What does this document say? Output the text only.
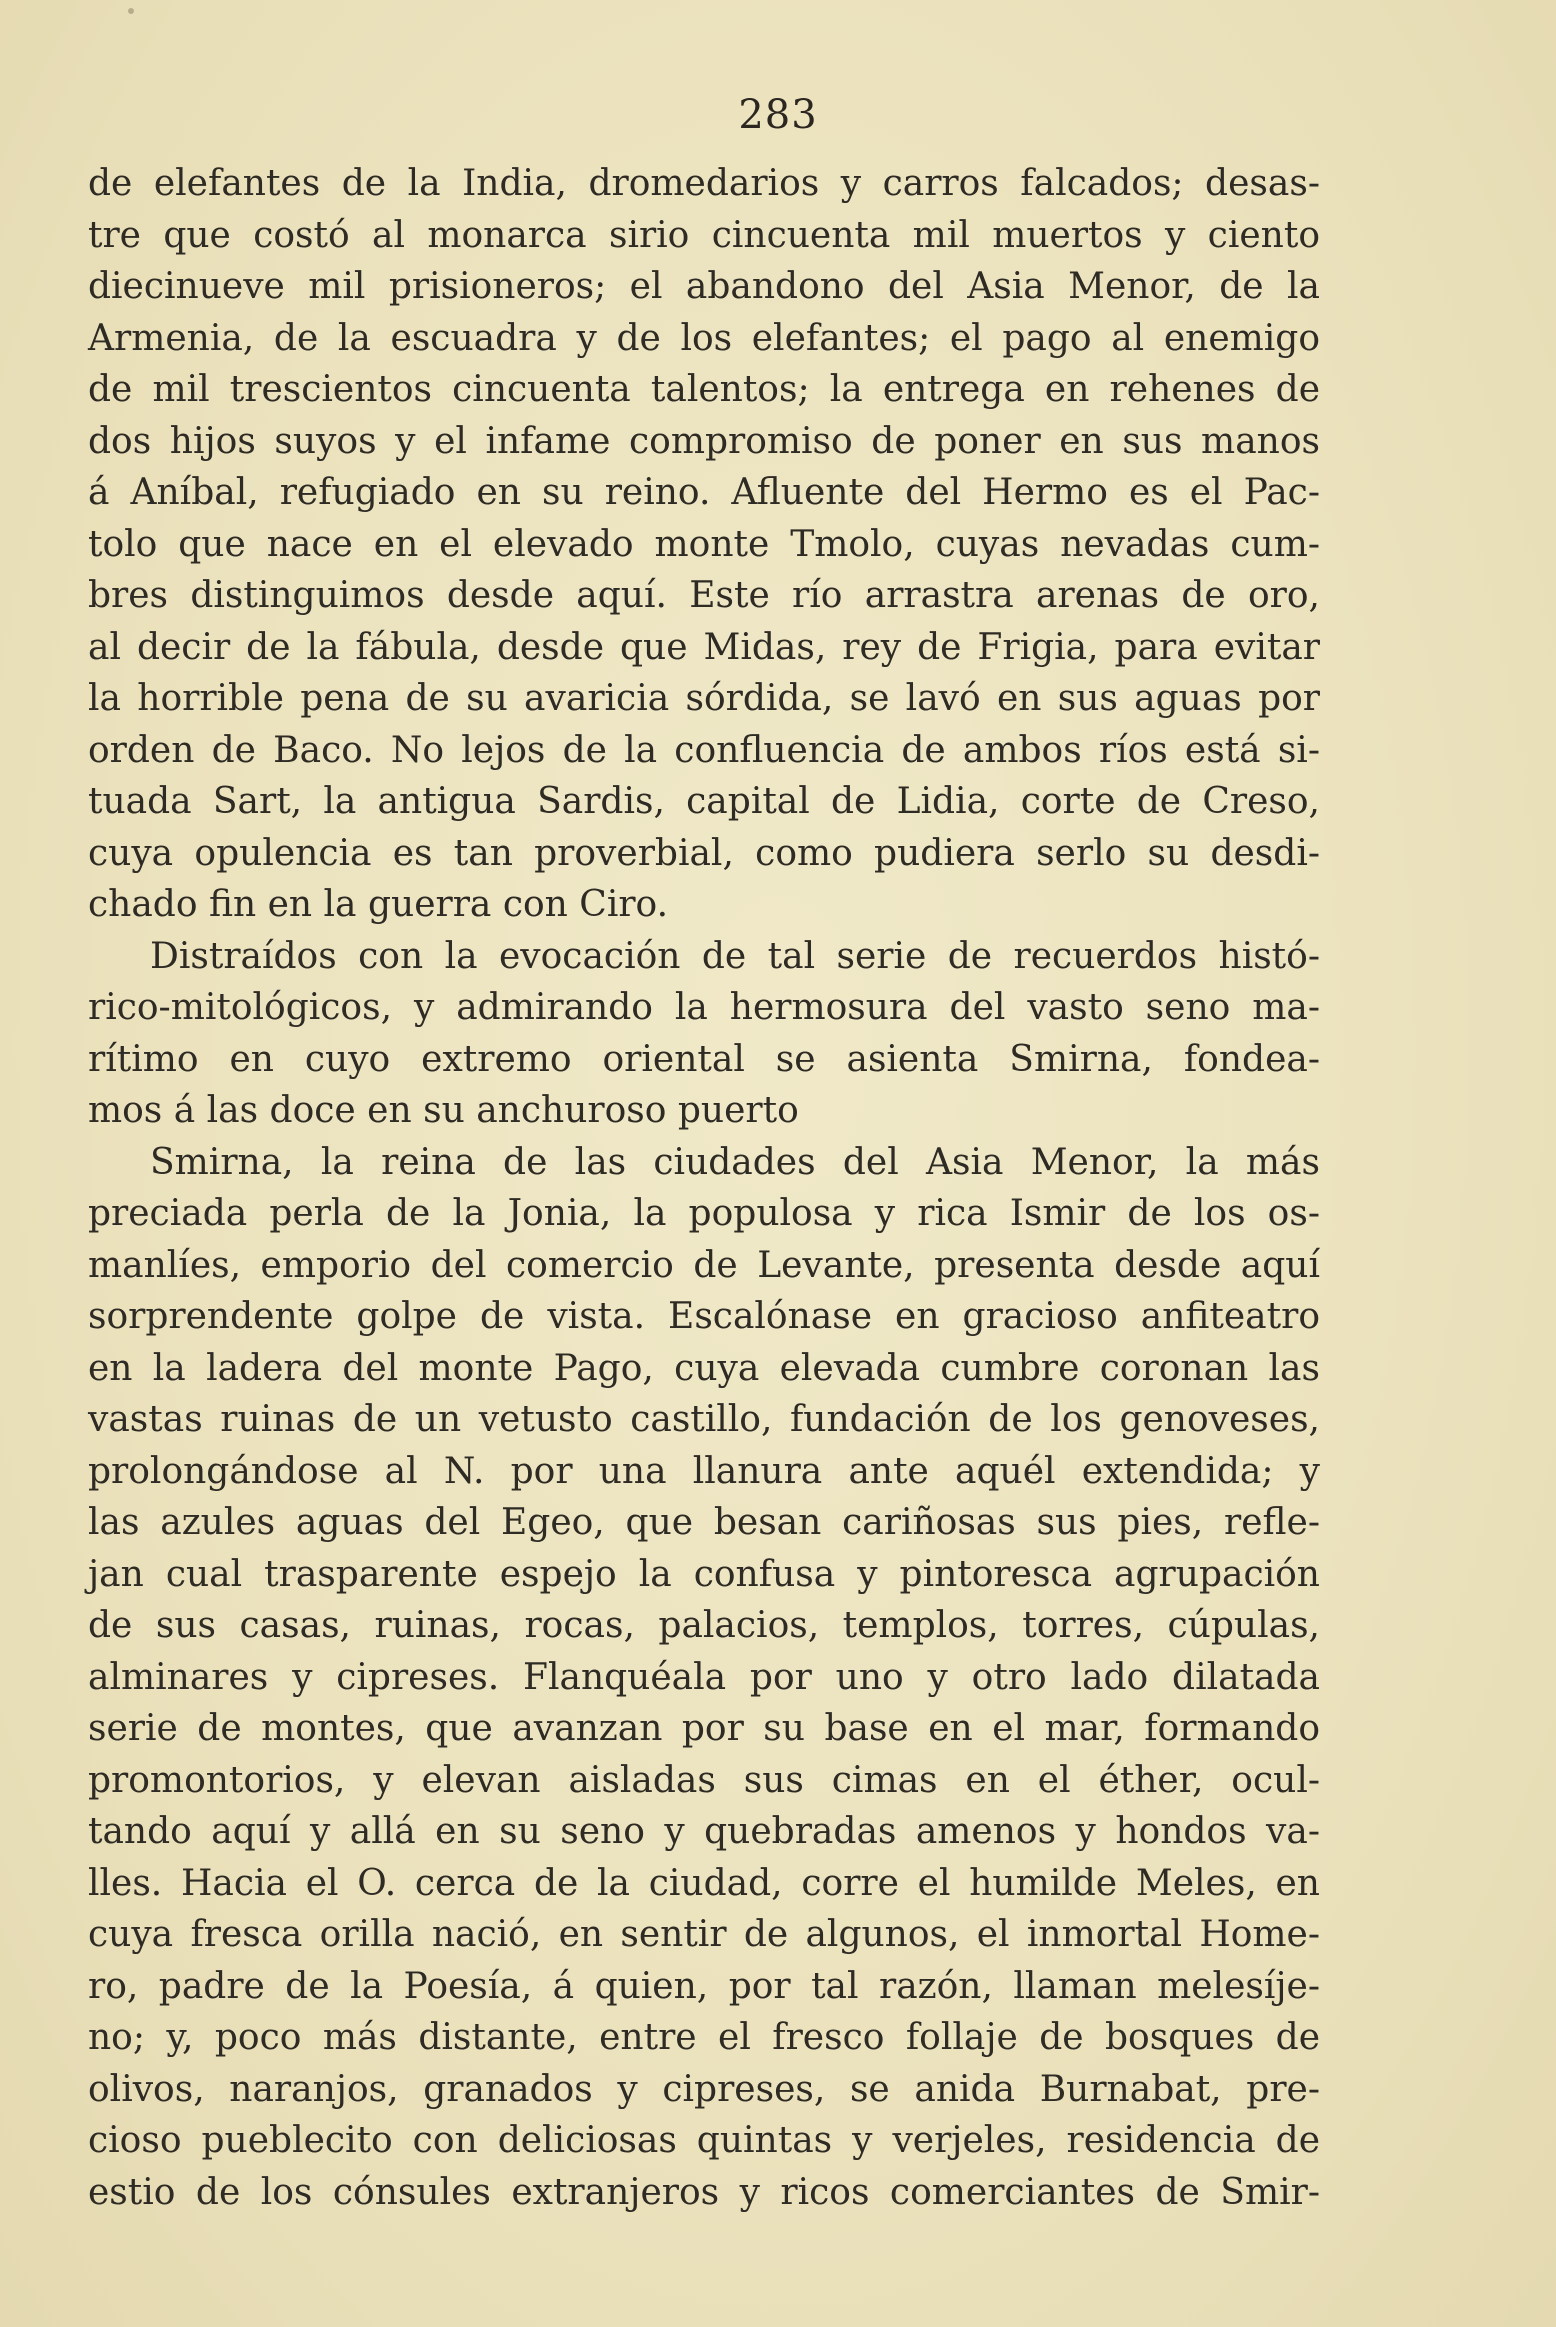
283
de elefantes de la India, dromedarios y carros falcados; desas-
tre que costó al monarca sirio cincuenta mil muertos y ciento
diecinueve mil prisioneros; el abandono del Asia Menor, de la
Armenia, de la escuadra y de los elefantes; el pago al enemigo
de mil trescientos cincuenta talentos; la entrega en rehenes de
dos hijos suyos y el infame compromiso de poner en sus manos
á Aníbal, refugiado en su reino. Afluente del Hermo es el Pac-
tolo que nace en el elevado monte Tmolo, cuyas nevadas cum-
bres distinguimos desde aquí. Este río arrastra arenas de oro,
al decir de la fábula, desde que Midas, rey de Frigia, para evitar
la horrible pena de su avaricia sórdida, se lavó en sus aguas por
orden de Baco. No lejos de la confluencia de ambos ríos está si-
tuada Sart, la antigua Sardis, capital de Lidia, corte de Creso,
cuya opulencia es tan proverbial, como pudiera serlo su desdi-
chado fin en la guerra con Ciro.
Distraídos con la evocación de tal serie de recuerdos histó-
rico-mitológicos, y admirando la hermosura del vasto seno ma-
rítimo en cuyo extremo oriental se asienta Smirna, fondea-
mos á las doce en su anchuroso puerto
Smirna, la reina de las ciudades del Asia Menor, la más
preciada perla de la Jonia, la populosa y rica Ismir de los os-
manlíes, emporio del comercio de Levante, presenta desde aquí
sorprendente golpe de vista. Escalónase en gracioso anfiteatro
en la ladera del monte Pago, cuya elevada cumbre coronan las
vastas ruinas de un vetusto castillo, fundación de los genoveses,
prolongándose al N. por una llanura ante aquél extendida; y
las azules aguas del Egeo, que besan cariñosas sus pies, refle-
jan cual trasparente espejo la confusa y pintoresca agrupación
de sus casas, ruinas, rocas, palacios, templos, torres, cúpulas,
alminares y cipreses. Flanquéala por uno y otro lado dilatada
serie de montes, que avanzan por su base en el mar, formando
promontorios, y elevan aisladas sus cimas en el éther, ocul-
tando aquí y allá en su seno y quebradas amenos y hondos va-
lles. Hacia el O. cerca de la ciudad, corre el humilde Meles, en
cuya fresca orilla nació, en sentir de algunos, el inmortal Home-
ro, padre de la Poesía, á quien, por tal razón, llaman melesíje-
no; y, poco más distante, entre el fresco follaje de bosques de
olivos, naranjos, granados y cipreses, se anida Burnabat, pre-
cioso pueblecito con deliciosas quintas y verjeles, residencia de
estio de los cónsules extranjeros y ricos comerciantes de Smir-
